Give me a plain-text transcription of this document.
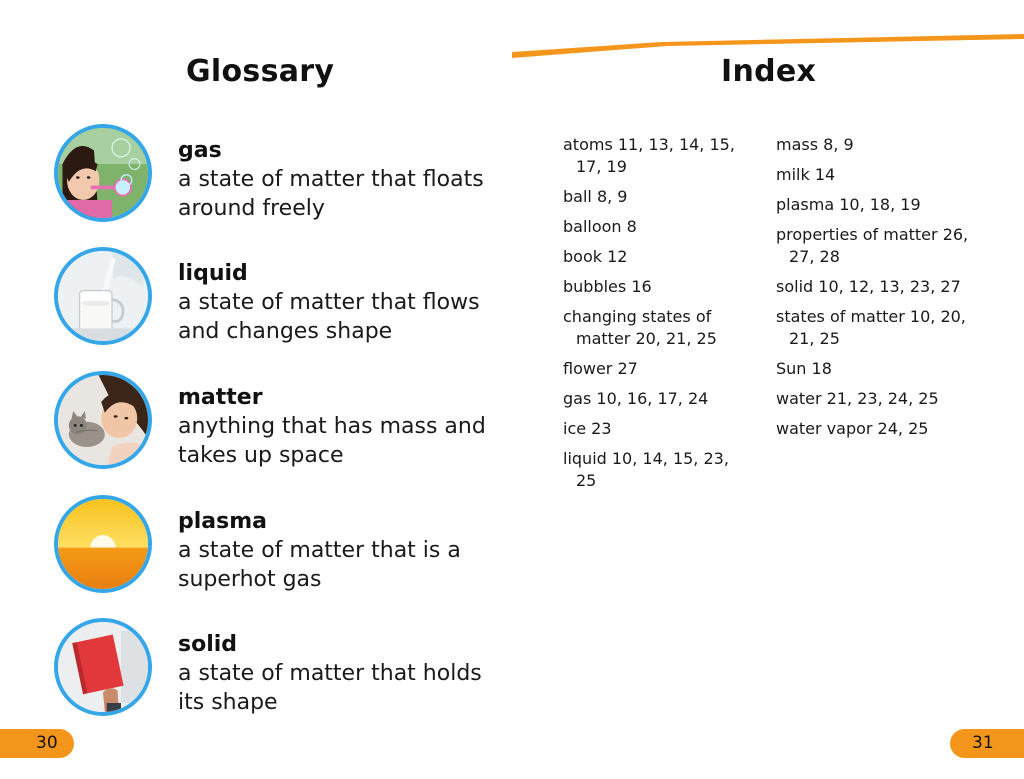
Glossary
gas
a state of matter that floats around freely
liquid
a state of matter that flows and changes shape
matter
anything that has mass and takes up space
plasma
a state of matter that is a superhot gas
solid
a state of matter that holds its shape
30
Index
atoms 11, 13, 14, 15, 17, 19
ball 8, 9
balloon 8
book 12
bubbles 16
changing states of matter 20, 21, 25
flower 27
gas 10, 16, 17, 24
ice 23
liquid 10, 14, 15, 23, 25
mass 8, 9
milk 14
plasma 10, 18, 19
properties of matter 26, 27, 28
solid 10, 12, 13, 23, 27
states of matter 10, 20, 21, 25
Sun 18
water 21, 23, 24, 25
water vapor 24, 25
31
